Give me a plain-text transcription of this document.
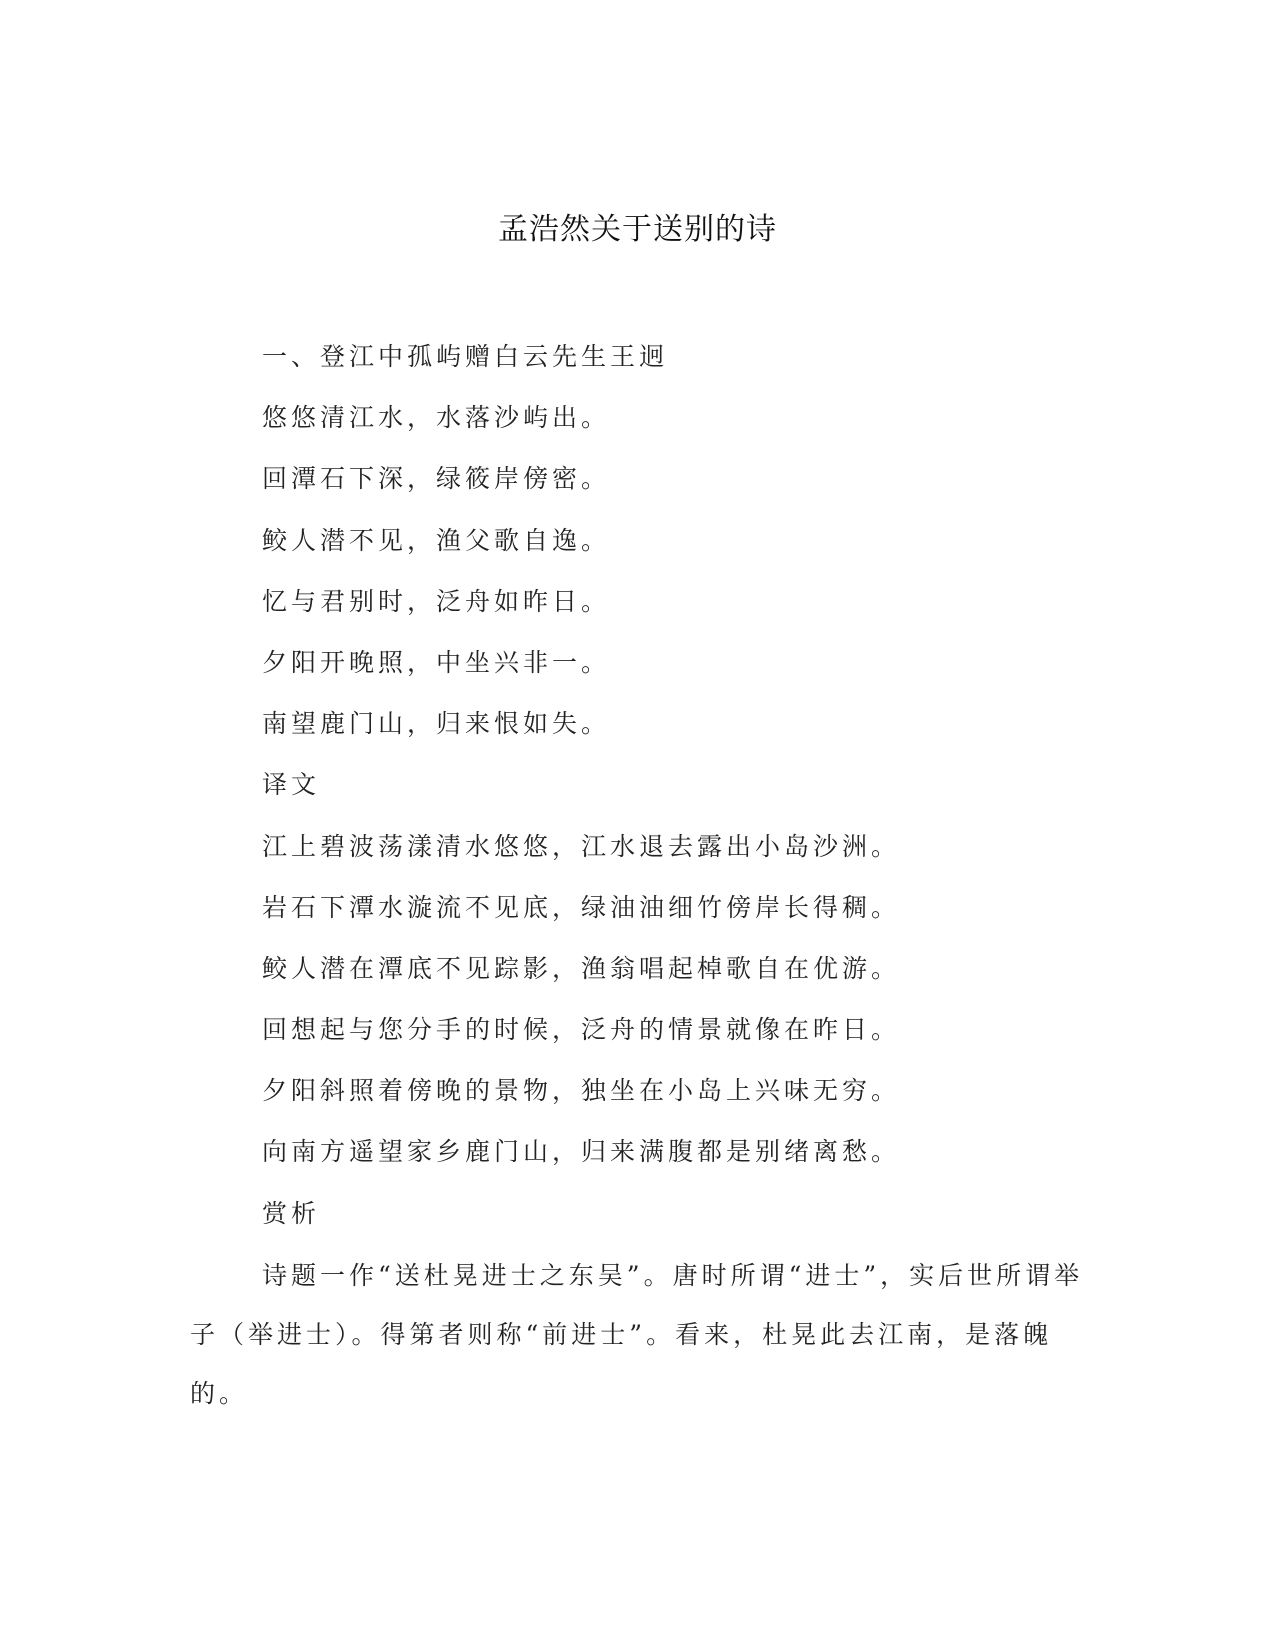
孟浩然关于送别的诗
一、登江中孤屿赠白云先生王迥
悠悠清江水，水落沙屿出。
回潭石下深，绿筱岸傍密。
鲛人潜不见，渔父歌自逸。
忆与君别时，泛舟如昨日。
夕阳开晚照，中坐兴非一。
南望鹿门山，归来恨如失。
译文
江上碧波荡漾清水悠悠，江水退去露出小岛沙洲。
岩石下潭水漩流不见底，绿油油细竹傍岸长得稠。
鲛人潜在潭底不见踪影，渔翁唱起棹歌自在优游。
回想起与您分手的时候，泛舟的情景就像在昨日。
夕阳斜照着傍晚的景物，独坐在小岛上兴味无穷。
向南方遥望家乡鹿门山，归来满腹都是别绪离愁。
赏析
诗题一作“送杜晃进士之东吴”。唐时所谓“进士”，实后世所谓举子（举进士）。得第者则称“前进士”。看来，杜晃此去江南，是落魄的。
